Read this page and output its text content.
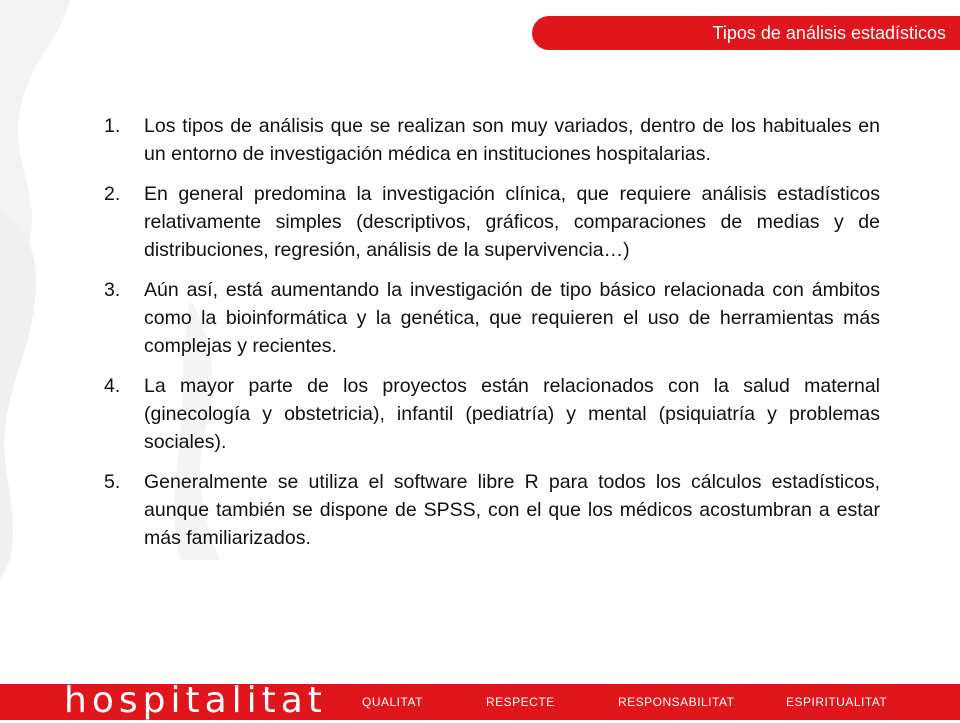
Tipos de análisis estadísticos
1.	Los tipos de análisis que se realizan son muy variados, dentro de los habituales en un entorno de investigación médica en instituciones hospitalarias.
2.	En general predomina la investigación clínica, que requiere análisis estadísticos relativamente simples (descriptivos, gráficos, comparaciones de medias y de distribuciones, regresión, análisis de la supervivencia…)
3.	Aún así, está aumentando la investigación de tipo básico relacionada con ámbitos como la bioinformática y la genética, que requieren el uso de herramientas más complejas y recientes.
4.	La mayor parte de los proyectos están relacionados con la salud maternal (ginecología y obstetricia), infantil (pediatría) y mental (psiquiatría y problemas sociales).
5.	Generalmente se utiliza el software libre R para todos los cálculos estadísticos, aunque también se dispone de SPSS, con el que los médicos acostumbran a estar más familiarizados.
hospitalitat	QUALITAT	RESPECTE	RESPONSABILITAT	ESPIRITUALITAT
